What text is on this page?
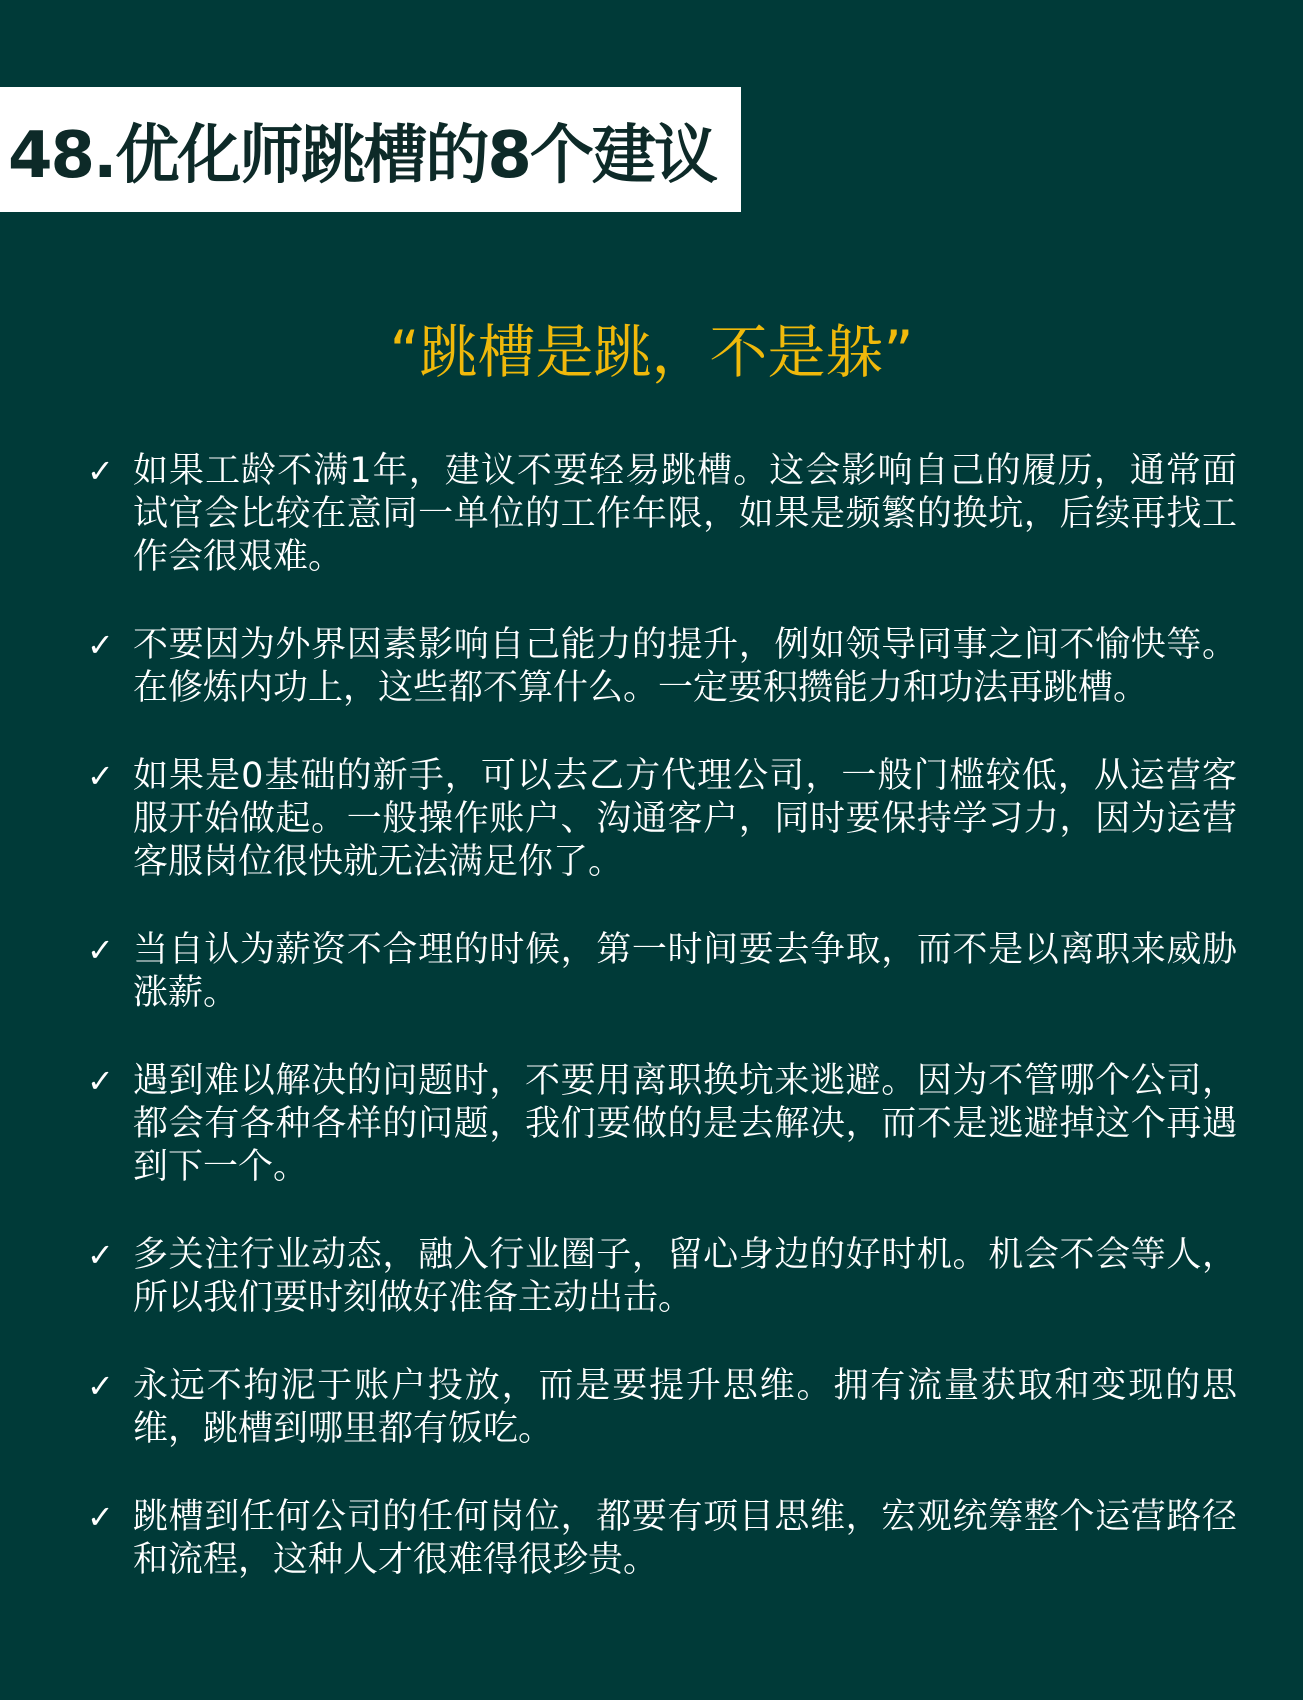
48.优化师跳槽的8个建议
“跳槽是跳，不是躲”
✓ 如果工龄不满1年，建议不要轻易跳槽。这会影响自己的履历，通常面试官会比较在意同一单位的工作年限，如果是频繁的换坑，后续再找工作会很艰难。
✓ 不要因为外界因素影响自己能力的提升，例如领导同事之间不愉快等。在修炼内功上，这些都不算什么。一定要积攒能力和功法再跳槽。
✓ 如果是0基础的新手，可以去乙方代理公司，一般门槛较低，从运营客服开始做起。一般操作账户、沟通客户，同时要保持学习力，因为运营客服岗位很快就无法满足你了。
✓ 当自认为薪资不合理的时候，第一时间要去争取，而不是以离职来威胁涨薪。
✓ 遇到难以解决的问题时，不要用离职换坑来逃避。因为不管哪个公司，都会有各种各样的问题，我们要做的是去解决，而不是逃避掉这个再遇到下一个。
✓ 多关注行业动态，融入行业圈子，留心身边的好时机。机会不会等人，所以我们要时刻做好准备主动出击。
✓ 永远不拘泥于账户投放，而是要提升思维。拥有流量获取和变现的思维，跳槽到哪里都有饭吃。
✓ 跳槽到任何公司的任何岗位，都要有项目思维，宏观统筹整个运营路径和流程，这种人才很难得很珍贵。
